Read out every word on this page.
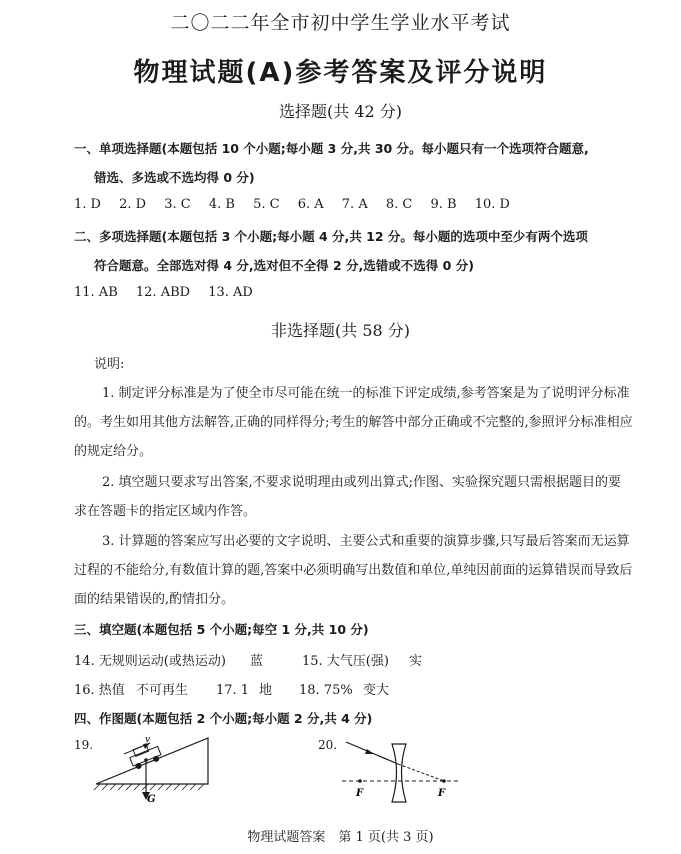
二〇二二年全市初中学生学业水平考试
物理试题(A)参考答案及评分说明
选择题(共 42 分)
一、单项选择题(本题包括 10 个小题;每小题 3 分,共 30 分。每小题只有一个选项符合题意,
错选、多选或不选均得 0 分)
1. D 2. D 3. C 4. B 5. C 6. A 7. A 8. C 9. B 10. D
二、多项选择题(本题包括 3 个小题;每小题 4 分,共 12 分。每小题的选项中至少有两个选项
符合题意。全部选对得 4 分,选对但不全得 2 分,选错或不选得 0 分)
11. AB 12. ABD 13. AD
非选择题(共 58 分)
说明:
1. 制定评分标准是为了使全市尽可能在统一的标准下评定成绩,参考答案是为了说明评分标准的。考生如用其他方法解答,正确的同样得分;考生的解答中部分正确或不完整的,参照评分标准相应的规定给分。
2. 填空题只要求写出答案,不要求说明理由或列出算式;作图、实验探究题只需根据题目的要求在答题卡的指定区域内作答。
3. 计算题的答案应写出必要的文字说明、主要公式和重要的演算步骤,只写最后答案而无运算过程的不能给分,有数值计算的题,答案中必须明确写出数值和单位,单纯因前面的运算错误而导致后面的结果错误的,酌情扣分。
三、填空题(本题包括 5 个小题;每空 1 分,共 10 分)
14. 无规则运动(或热运动) 蓝	15. 大气压(强) 实
16. 热值 不可再生 17. 1 地 18. 75% 变大
四、作图题(本题包括 2 个小题;每小题 2 分,共 4 分)
19.	v
G
20.
F	F
物理试题答案　第 1 页(共 3 页)
